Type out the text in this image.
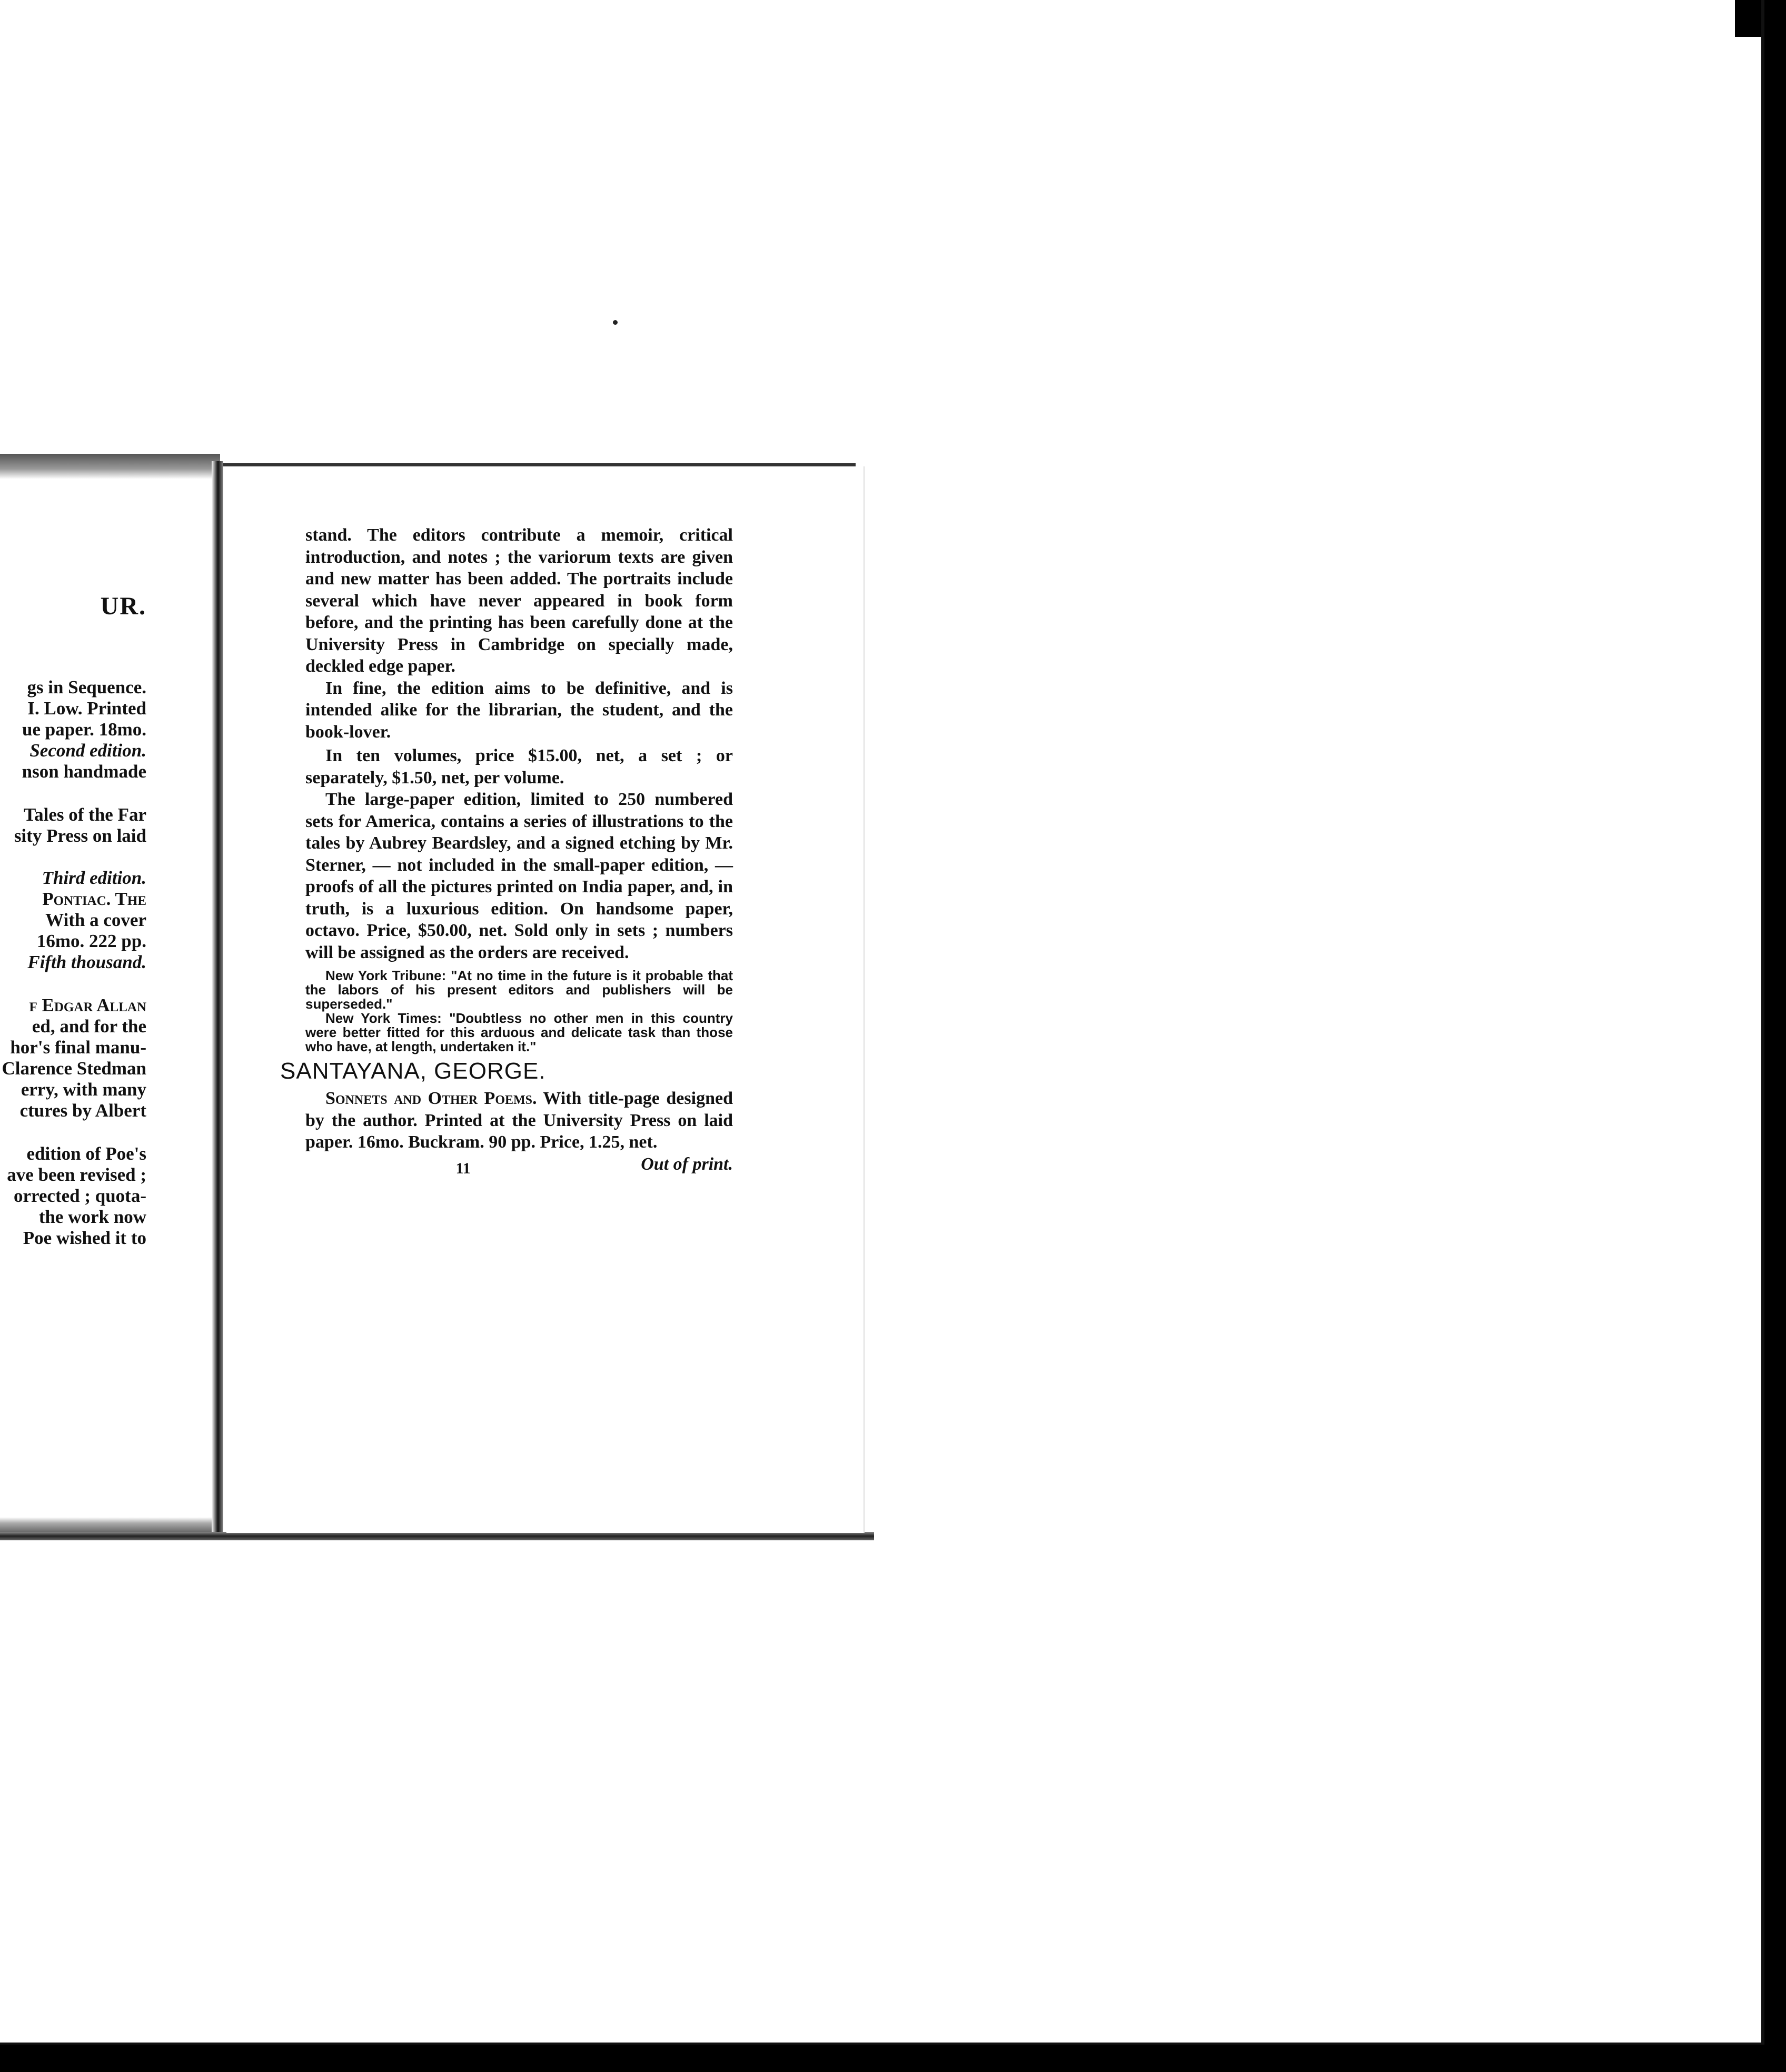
UR.
gs in Sequence.
I. Low. Printed
ue paper. 18mo.
Second edition.
nson handmade
Tales of the Far
sity Press on laid
Third edition.
Pontiac. The
With a cover
16mo. 222 pp.
Fifth thousand.
f Edgar Allan
ed, and for the
hor's final manu-
Clarence Stedman
erry, with many
ctures by Albert
edition of Poe's
ave been revised ;
orrected ; quota-
the work now
Poe wished it to

stand. The editors contribute a memoir, critical introduction, and notes ; the variorum texts are given and new matter has been added. The portraits include several which have never appeared in book form before, and the printing has been carefully done at the University Press in Cambridge on specially made, deckled edge paper.

In fine, the edition aims to be definitive, and is intended alike for the librarian, the student, and the book-lover.

In ten volumes, price $15.00, net, a set ; or separately, $1.50, net, per volume.

The large-paper edition, limited to 250 numbered sets for America, contains a series of illustrations to the tales by Aubrey Beardsley, and a signed etching by Mr. Sterner, — not included in the small-paper edition, — proofs of all the pictures printed on India paper, and, in truth, is a luxurious edition. On handsome paper, octavo. Price, $50.00, net. Sold only in sets ; numbers will be assigned as the orders are received.

New York Tribune: "At no time in the future is it probable that the labors of his present editors and publishers will be superseded."

New York Times: "Doubtless no other men in this country were better fitted for this arduous and delicate task than those who have, at length, undertaken it."

SANTAYANA, GEORGE.

Sonnets and Other Poems. With title-page designed by the author. Printed at the University Press on laid paper. 16mo. Buckram. 90 pp. Price, 1.25, net.
Out of print.

11
